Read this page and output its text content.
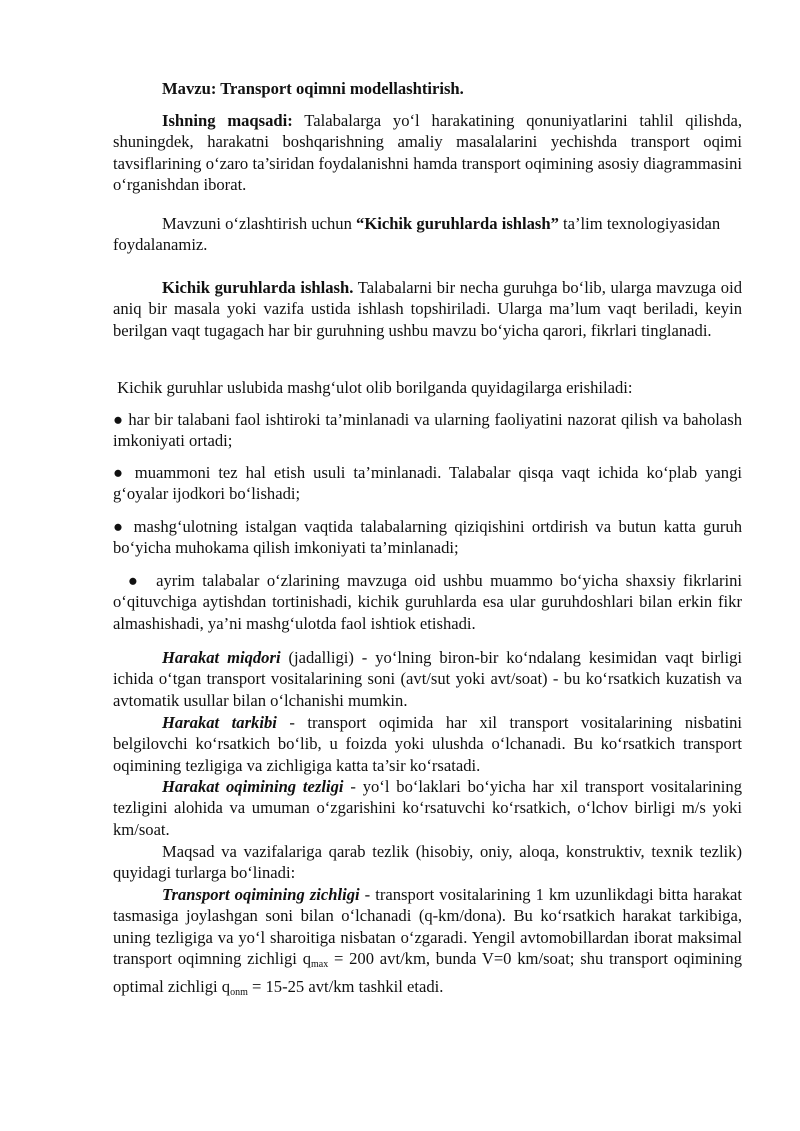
Mavzu: Transport oqimni modellashtirish.
Ishning maqsadi: Talabalarga yo‘l harakatining qonuniyatlarini tahlil qilishda, shuningdek, harakatni boshqarishning amaliy masalalarini yechishda transport oqimi tavsiflarining o‘zaro ta’siridan foydalanishni hamda transport oqimining asosiy diagrammasini o‘rganishdan iborat.
Mavzuni o‘zlashtirish uchun “Kichik guruhlarda ishlash” ta’lim texnologiyasidan foydalanamiz.
Kichik guruhlarda ishlash. Talabalarni bir necha guruhga bo‘lib, ularga mavzuga oid aniq bir masala yoki vazifa ustida ishlash topshiriladi. Ularga ma’lum vaqt beriladi, keyin berilgan vaqt tugagach har bir guruhning ushbu mavzu bo‘yicha qarori, fikrlari tinglanadi.
Kichik guruhlar uslubida mashg‘ulot olib borilganda quyidagilarga erishiladi:
● har bir talabani faol ishtiroki ta’minlanadi va ularning faoliyatini nazorat qilish va baholash imkoniyati ortadi;
● muammoni tez hal etish usuli ta’minlanadi. Talabalar qisqa vaqt ichida ko‘plab yangi g‘oyalar ijodkori bo‘lishadi;
● mashg‘ulotning istalgan vaqtida talabalarning qiziqishini ortdirish va butun katta guruh bo‘yicha muhokama qilish imkoniyati ta’minlanadi;
●  ayrim talabalar o‘zlarining mavzuga oid ushbu muammo bo‘yicha shaxsiy fikrlarini o‘qituvchiga aytishdan tortinishadi, kichik guruhlarda esa ular guruhdoshlari bilan erkin fikr almashishadi, ya’ni mashg‘ulotda faol ishtiok etishadi.
Harakat miqdori (jadalligi) - yo‘lning biron-bir ko‘ndalang kesimidan vaqt birligi ichida o‘tgan transport vositalarining soni (avt/sut yoki avt/soat) - bu ko‘rsatkich kuzatish va avtomatik usullar bilan o‘lchanishi mumkin.
Harakat tarkibi - transport oqimida har xil transport vositalarining nisbatini belgilovchi ko‘rsatkich bo‘lib, u foizda yoki ulushda o‘lchanadi. Bu ko‘rsatkich transport oqimining tezligiga va zichligiga katta ta’sir ko‘rsatadi.
Harakat oqimining tezligi - yo‘l bo‘laklari bo‘yicha har xil transport vositalarining tezligini alohida va umuman o‘zgarishini ko‘rsatuvchi ko‘rsatkich, o‘lchov birligi m/s yoki km/soat.
Maqsad va vazifalariga qarab tezlik (hisobiy, oniy, aloqa, konstruktiv, texnik tezlik) quyidagi turlarga bo‘linadi:
Transport oqimining zichligi - transport vositalarining 1 km uzunlikdagi bitta harakat tasmasiga joylashgan soni bilan o‘lchanadi (q-km/dona). Bu ko‘rsatkich harakat tarkibiga, uning tezligiga va yo‘l sharoitiga nisbatan o‘zgaradi. Yengil avtomobillardan iborat maksimal transport oqimning zichligi $q_{max} = 200$ avt/km, bunda V=0 km/soat; shu transport oqimining optimal zichligi $q_{onm} = 15-25$ avt/km tashkil etadi.
